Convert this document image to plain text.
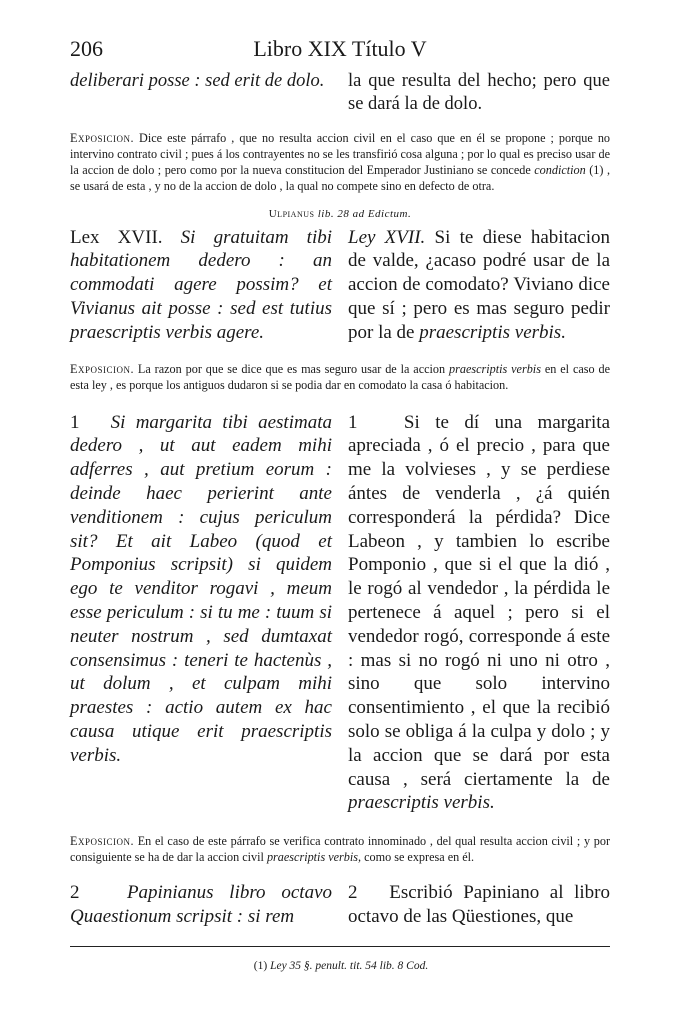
206	Libro XIX Título V
deliberari posse : sed erit de dolo.	la que resulta del hecho; pero que se dará la de dolo.

Exposicion. Dice este párrafo , que no resulta accion civil en el caso que en él se propone ; porque no intervino contrato civil ; pues á los contrayentes no se les transfirió cosa alguna ; por lo qual es preciso usar de la accion de dolo ; pero como por la nueva constitucion del Emperador Justiniano se concede condiction (1) , se usará de esta , y no de la accion de dolo , la qual no compete sino en defecto de otra.

Ulpianus lib. 28 ad Edictum.
Lex XVII. Si gratuitam tibi habitationem dedero : an commodati agere possim? et Vivianus ait posse : sed est tutius praescriptis verbis agere.
Ley XVII. Si te diese habitacion de valde, ¿acaso podré usar de la accion de comodato? Viviano dice que sí ; pero es mas seguro pedir por la de praescriptis verbis.

Exposicion. La razon por que se dice que es mas seguro usar de la accion praescriptis verbis en el caso de esta ley , es porque los antiguos dudaron si se podia dar en comodato la casa ó habitacion.

1 Si margarita tibi aestimata dedero , ut aut eadem mihi adferres , aut pretium eorum : deinde haec perierint ante venditionem : cujus periculum sit? Et ait Labeo (quod et Pomponius scripsit) si quidem ego te venditor rogavi , meum esse periculum : si tu me : tuum si neuter nostrum , sed dumtaxat consensimus : teneri te hactenùs , ut dolum , et culpam mihi praestes : actio autem ex hac causa utique erit praescriptis verbis.
1 Si te dí una margarita apreciada , ó el precio , para que me la volvieses , y se perdiese ántes de venderla , ¿á quién corresponderá la pérdida? Dice Labeon , y tambien lo escribe Pomponio , que si el que la dió , le rogó al vendedor , la pérdida le pertenece á aquel ; pero si el vendedor rogó, corresponde á este : mas si no rogó ni uno ni otro , sino que solo intervino consentimiento , el que la recibió solo se obliga á la culpa y dolo ; y la accion que se dará por esta causa , será ciertamente la de praescriptis verbis.

Exposicion. En el caso de este párrafo se verifica contrato innominado , del qual resulta accion civil ; y por consiguiente se ha de dar la accion civil praescriptis verbis, como se expresa en él.

2 Papinianus libro octavo Quaestionum scripsit : si rem
2 Escribió Papiniano al libro octavo de las Qüestiones, que
(1) Ley 35 §. penult. tit. 54 lib. 8 Cod.
